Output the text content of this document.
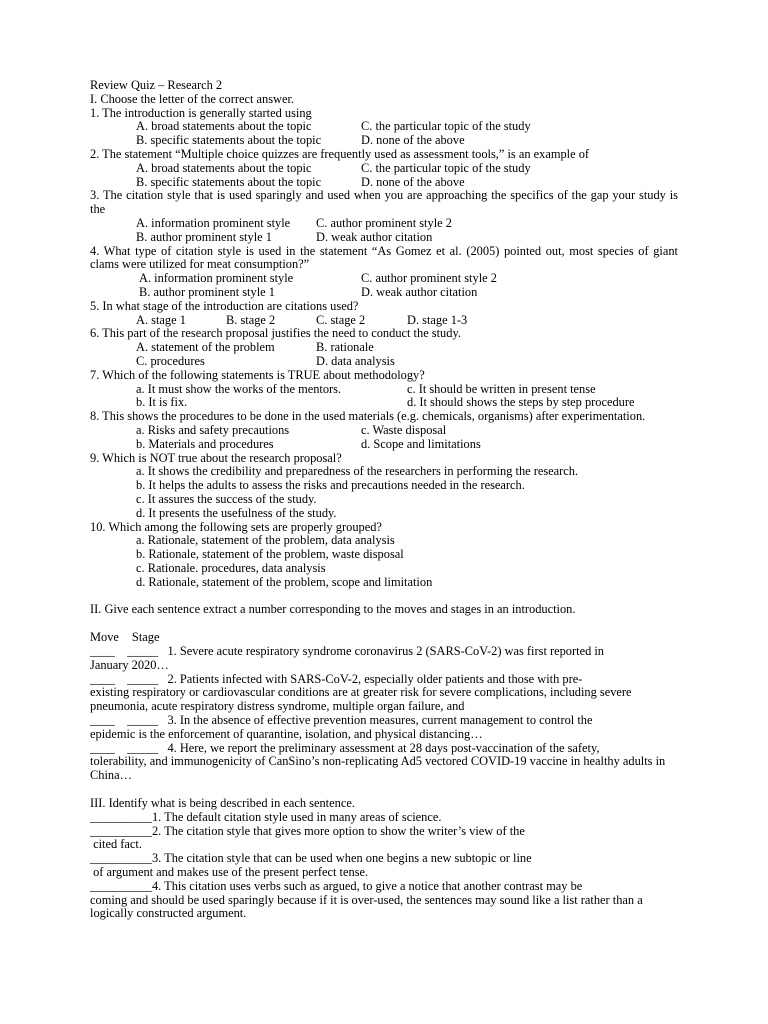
Review Quiz – Research 2
I. Choose the letter of the correct answer.
1. The introduction is generally started using
A. broad statements about the topic	C. the particular topic of the study
B. specific statements about the topic	D. none of the above
2. The statement “Multiple choice quizzes are frequently used as assessment tools,” is an example of
A. broad statements about the topic	C. the particular topic of the study
B. specific statements about the topic	D. none of the above
3. The citation style that is used sparingly and used when you are approaching the specifics of the gap your study is the
A. information prominent style C. author prominent style 2
B. author prominent style 1	D. weak author citation
4. What type of citation style is used in the statement “As Gomez et al. (2005) pointed out, most species of giant clams were utilized for meat consumption?”
A. information prominent style	C. author prominent style 2
B. author prominent style 1	D. weak author citation
5. In what stage of the introduction are citations used?
A. stage 1	B. stage 2	C. stage 2	D. stage 1-3
6. This part of the research proposal justifies the need to conduct the study.
A. statement of the problem	B. rationale
C. procedures	D. data analysis
7. Which of the following statements is TRUE about methodology?
a. It must show the works of the mentors.	c. It should be written in present tense
b. It is fix.	d. It should shows the steps by step procedure
8. This shows the procedures to be done in the used materials (e.g. chemicals, organisms) after experimentation.
a. Risks and safety precautions	c. Waste disposal
b. Materials and procedures	d. Scope and limitations
9. Which is NOT true about the research proposal?
a. It shows the credibility and preparedness of the researchers in performing the research.
b. It helps the adults to assess the risks and precautions needed in the research.
c. It assures the success of the study.
d. It presents the usefulness of the study.
10. Which among the following sets are properly grouped?
a. Rationale, statement of the problem, data analysis
b. Rationale, statement of the problem, waste disposal
c. Rationale. procedures, data analysis
d. Rationale, statement of the problem, scope and limitation
II. Give each sentence extract a number corresponding to the moves and stages in an introduction.
Move Stage
____    _____   1. Severe acute respiratory syndrome coronavirus 2 (SARS-CoV-2) was first reported in
January 2020…
____    _____   2. Patients infected with SARS-CoV-2, especially older patients and those with pre-
existing respiratory or cardiovascular conditions are at greater risk for severe complications, including severe pneumonia, acute respiratory distress syndrome, multiple organ failure, and
____    _____   3. In the absence of effective prevention measures, current management to control the
epidemic is the enforcement of quarantine, isolation, and physical distancing…
____    _____   4. Here, we report the preliminary assessment at 28 days post-vaccination of the safety,
tolerability, and immunogenicity of CanSino’s non-replicating Ad5 vectored COVID-19 vaccine in healthy adults in China…
III. Identify what is being described in each sentence.
__________1. The default citation style used in many areas of science.
__________2. The citation style that gives more option to show the writer’s view of the
cited fact.
__________3. The citation style that can be used when one begins a new subtopic or line
of argument and makes use of the present perfect tense.
__________4. This citation uses verbs such as argued, to give a notice that another contrast may be
coming and should be used sparingly because if it is over-used, the sentences may sound like a list rather than a logically constructed argument.
